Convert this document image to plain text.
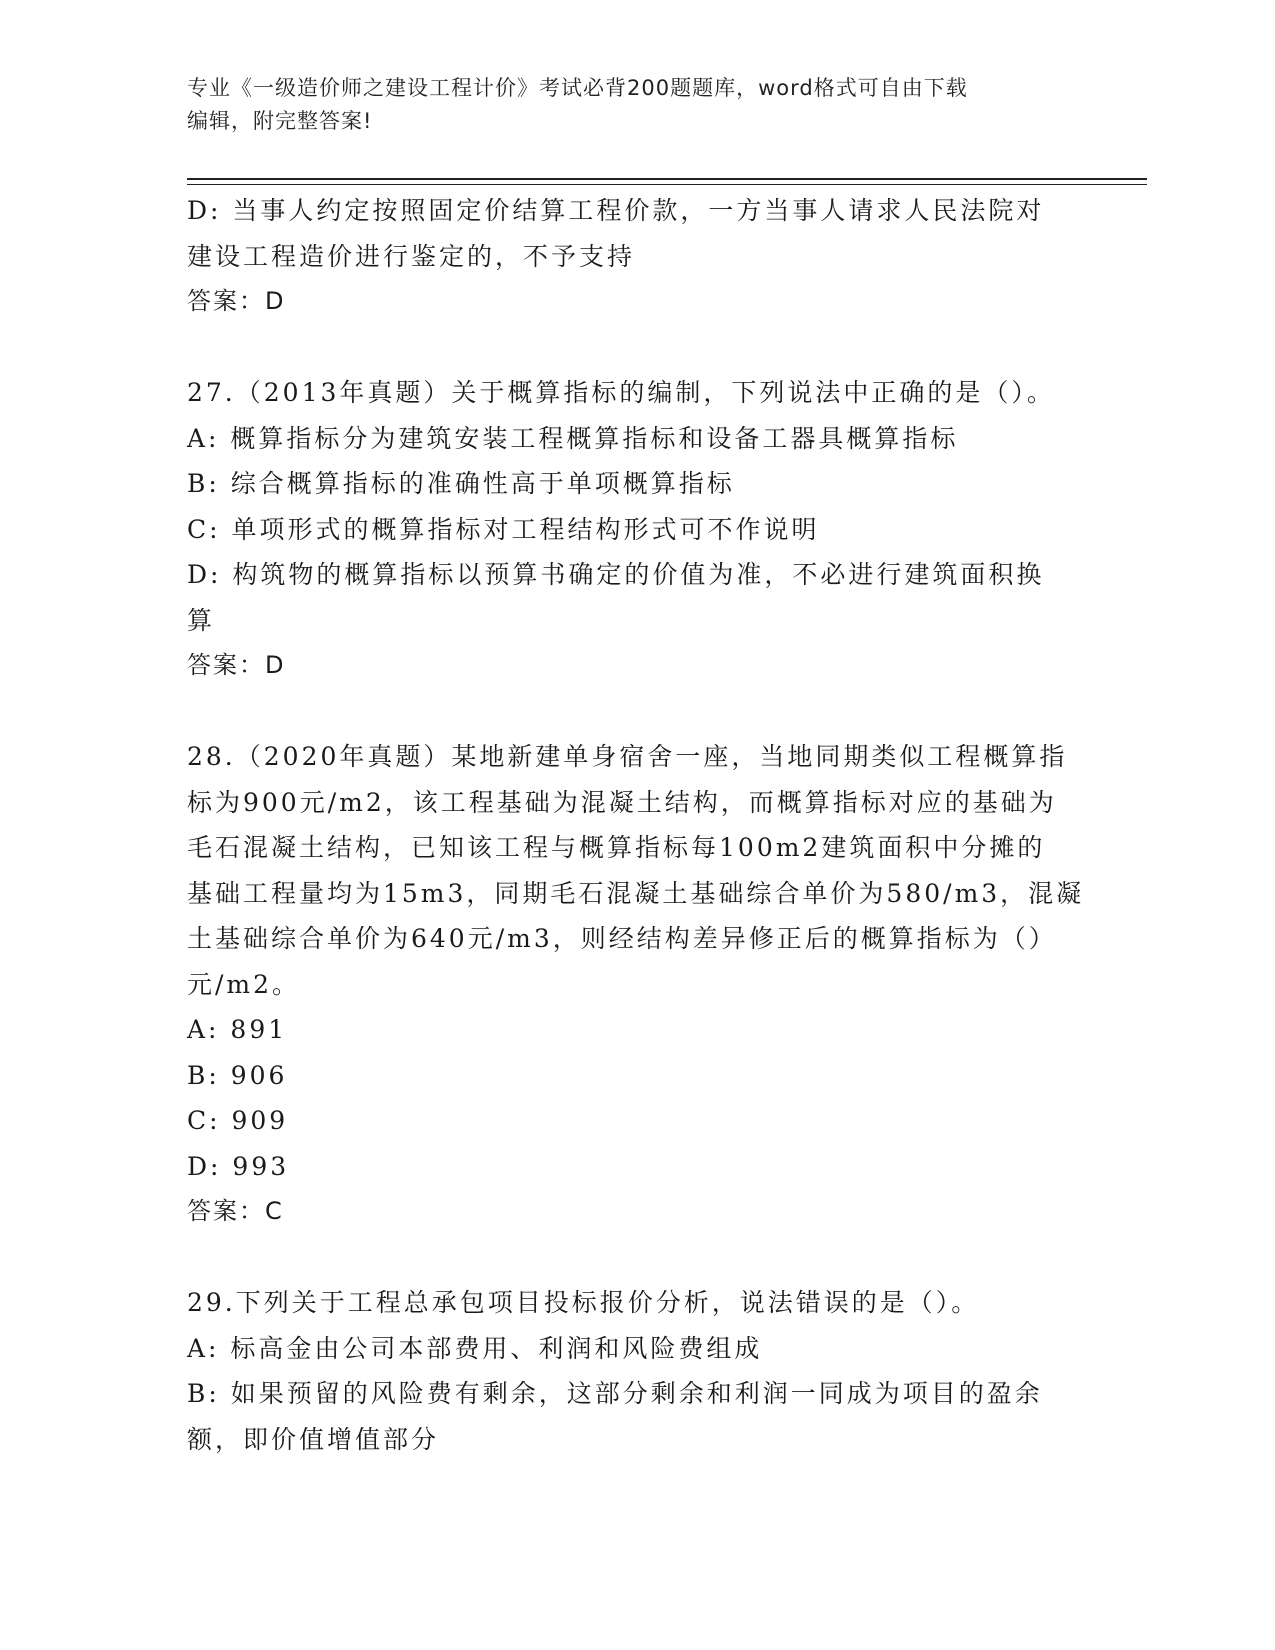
专业《一级造价师之建设工程计价》考试必背200题题库，word格式可自由下载
编辑，附完整答案!
D: 当事人约定按照固定价结算工程价款，一方当事人请求人民法院对
建设工程造价进行鉴定的，不予支持
答案：D
27.（2013年真题）关于概算指标的编制，下列说法中正确的是（）。
A: 概算指标分为建筑安装工程概算指标和设备工器具概算指标
B: 综合概算指标的准确性高于单项概算指标
C: 单项形式的概算指标对工程结构形式可不作说明
D: 构筑物的概算指标以预算书确定的价值为准，不必进行建筑面积换
算
答案：D
28.（2020年真题）某地新建单身宿舍一座，当地同期类似工程概算指
标为900元/m2，该工程基础为混凝土结构，而概算指标对应的基础为
毛石混凝土结构，已知该工程与概算指标每100m2建筑面积中分摊的
基础工程量均为15m3，同期毛石混凝土基础综合单价为580/m3，混凝
土基础综合单价为640元/m3，则经结构差异修正后的概算指标为（）
元/m2。
A: 891
B: 906
C: 909
D: 993
答案：C
29.下列关于工程总承包项目投标报价分析，说法错误的是（）。
A: 标高金由公司本部费用、利润和风险费组成
B: 如果预留的风险费有剩余，这部分剩余和利润一同成为项目的盈余
额，即价值增值部分
